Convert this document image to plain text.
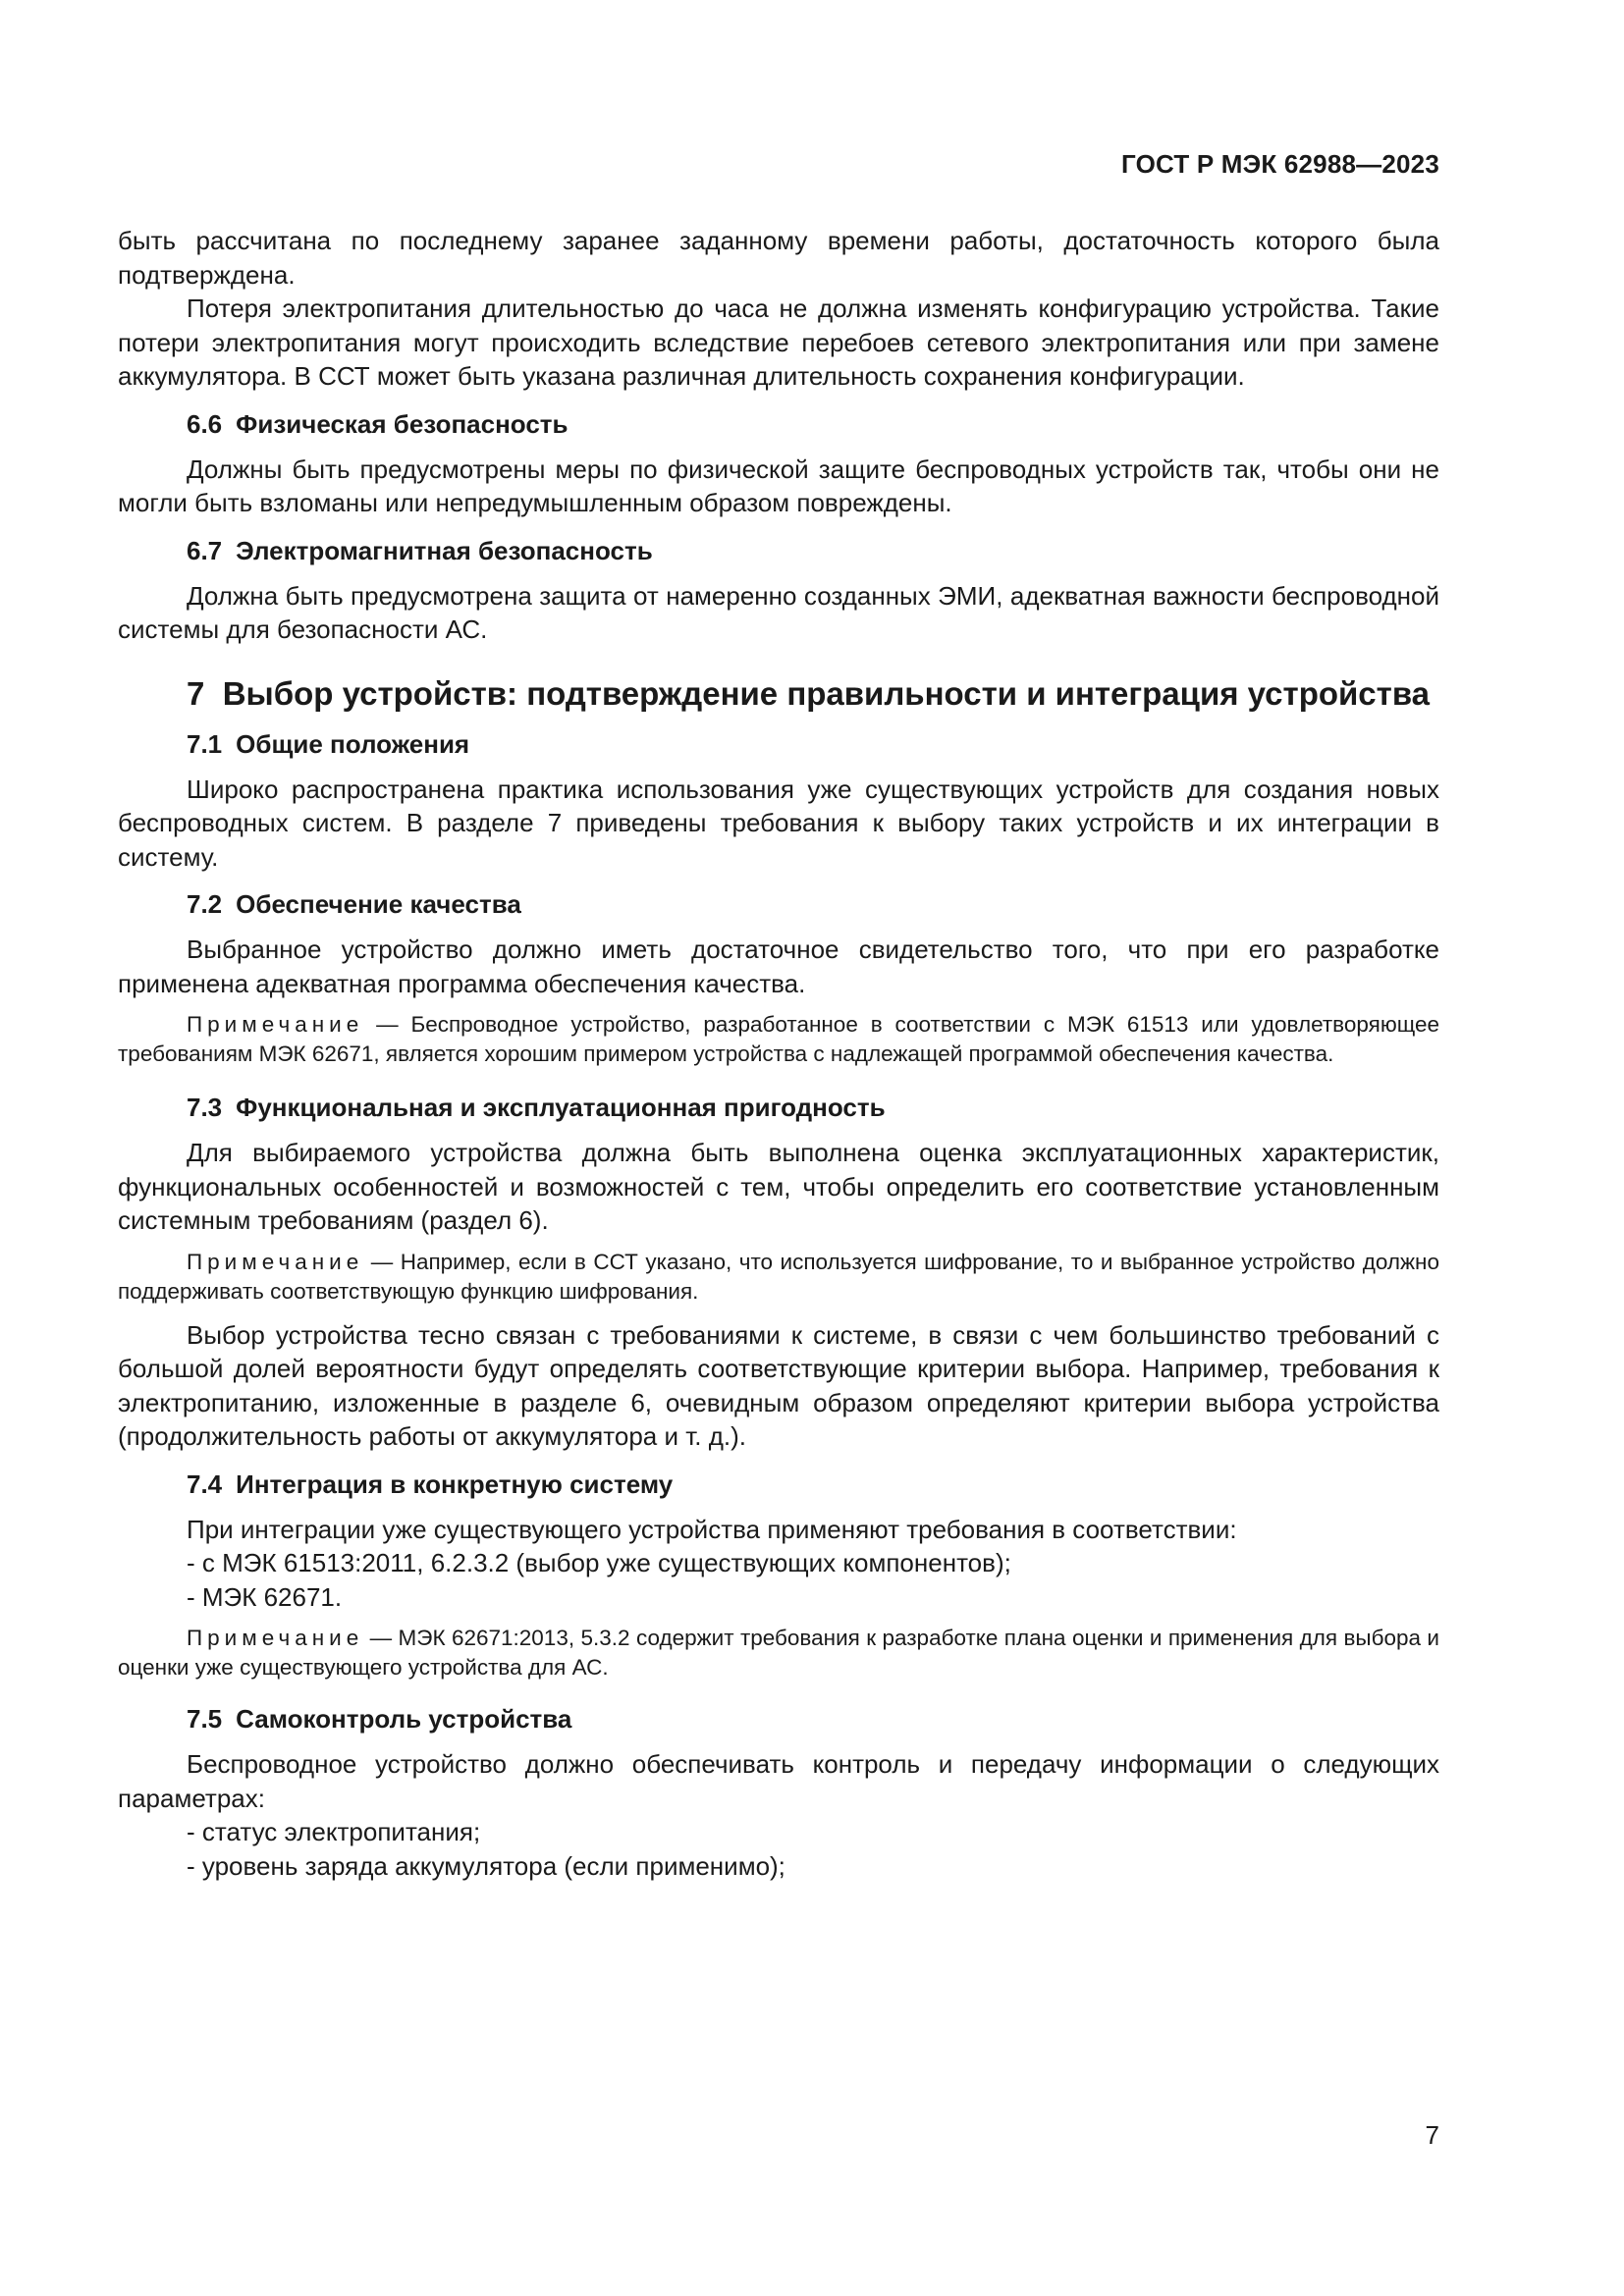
ГОСТ Р МЭК 62988—2023

быть рассчитана по последнему заранее заданному времени работы, достаточность которого была подтверждена.

Потеря электропитания длительностью до часа не должна изменять конфигурацию устройства. Такие потери электропитания могут происходить вследствие перебоев сетевого электропитания или при замене аккумулятора. В ССТ может быть указана различная длительность сохранения конфигурации.

6.6 Физическая безопасность

Должны быть предусмотрены меры по физической защите беспроводных устройств так, чтобы они не могли быть взломаны или непредумышленным образом повреждены.

6.7 Электромагнитная безопасность

Должна быть предусмотрена защита от намеренно созданных ЭМИ, адекватная важности беспроводной системы для безопасности АС.

7 Выбор устройств: подтверждение правильности и интеграция устройства
7.1 Общие положения

Широко распространена практика использования уже существующих устройств для создания новых беспроводных систем. В разделе 7 приведены требования к выбору таких устройств и их интеграции в систему.

7.2 Обеспечение качества

Выбранное устройство должно иметь достаточное свидетельство того, что при его разработке применена адекватная программа обеспечения качества.

Примечание — Беспроводное устройство, разработанное в соответствии с МЭК 61513 или удовлетворяющее требованиям МЭК 62671, является хорошим примером устройства с надлежащей программой обеспечения качества.

7.3 Функциональная и эксплуатационная пригодность

Для выбираемого устройства должна быть выполнена оценка эксплуатационных характеристик, функциональных особенностей и возможностей с тем, чтобы определить его соответствие установленным системным требованиям (раздел 6).

Примечание — Например, если в ССТ указано, что используется шифрование, то и выбранное устройство должно поддерживать соответствующую функцию шифрования.

Выбор устройства тесно связан с требованиями к системе, в связи с чем большинство требований с большой долей вероятности будут определять соответствующие критерии выбора. Например, требования к электропитанию, изложенные в разделе 6, очевидным образом определяют критерии выбора устройства (продолжительность работы от аккумулятора и т. д.).

7.4 Интеграция в конкретную систему

При интеграции уже существующего устройства применяют требования в соответствии:

- с МЭК 61513:2011, 6.2.3.2 (выбор уже существующих компонентов);

- МЭК 62671.

Примечание — МЭК 62671:2013, 5.3.2 содержит требования к разработке плана оценки и применения для выбора и оценки уже существующего устройства для АС.

7.5 Самоконтроль устройства

Беспроводное устройство должно обеспечивать контроль и передачу информации о следующих параметрах:

- статус электропитания;

- уровень заряда аккумулятора (если применимо);

7
